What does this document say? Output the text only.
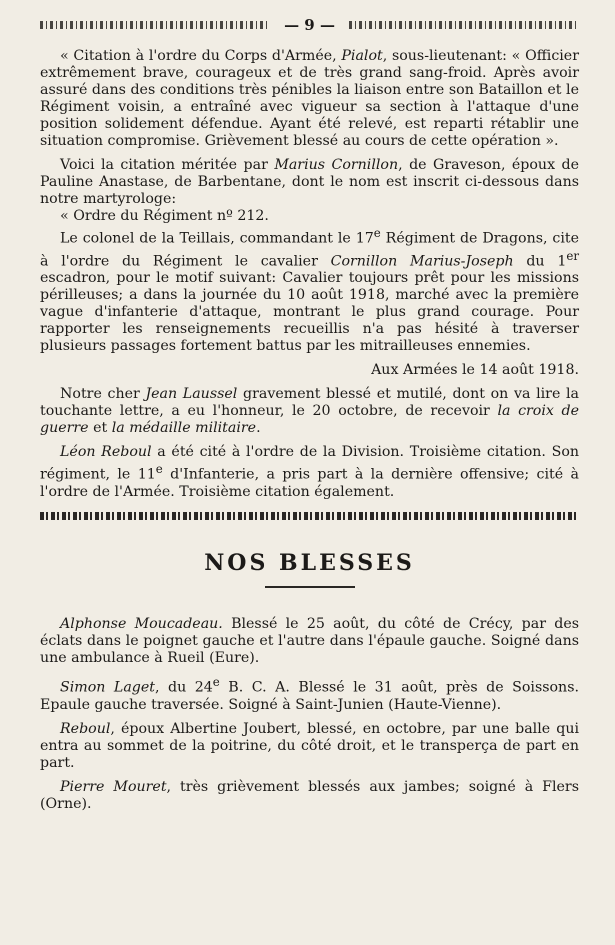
— 9 —

« Citation à l'ordre du Corps d'Armée, Pialot, sous-lieutenant: « Officier extrêmement brave, courageux et de très grand sang-froid. Après avoir assuré dans des conditions très pénibles la liaison entre son Bataillon et le Régiment voisin, a entraîné avec vigueur sa section à l'attaque d'une position solidement défendue. Ayant été relevé, est reparti rétablir une situation compromise. Grièvement blessé au cours de cette opération ».

Voici la citation méritée par Marius Cornillon, de Graveson, époux de Pauline Anastase, de Barbentane, dont le nom est inscrit ci-dessous dans notre martyrologe:

« Ordre du Régiment nº 212.

Le colonel de la Teillais, commandant le 17e Régiment de Dragons, cite à l'ordre du Régiment le cavalier Cornillon Marius-Joseph du 1er escadron, pour le motif suivant: Cavalier toujours prêt pour les missions périlleuses; a dans la journée du 10 août 1918, marché avec la première vague d'infanterie d'attaque, montrant le plus grand courage. Pour rapporter les renseignements recueillis n'a pas hésité à traverser plusieurs passages fortement battus par les mitrailleuses ennemies.

Aux Armées le 14 août 1918.

Notre cher Jean Laussel gravement blessé et mutilé, dont on va lire la touchante lettre, a eu l'honneur, le 20 octobre, de recevoir la croix de guerre et la médaille militaire.

Léon Reboul a été cité à l'ordre de la Division. Troisième citation. Son régiment, le 11e d'Infanterie, a pris part à la dernière offensive; cité à l'ordre de l'Armée. Troisième citation également.

NOS BLESSES

Alphonse Moucadeau. Blessé le 25 août, du côté de Crécy, par des éclats dans le poignet gauche et l'autre dans l'épaule gauche. Soigné dans une ambulance à Rueil (Eure).

Simon Laget, du 24e B. C. A. Blessé le 31 août, près de Soissons. Epaule gauche traversée. Soigné à Saint-Junien (Haute-Vienne).

Reboul, époux Albertine Joubert, blessé, en octobre, par une balle qui entra au sommet de la poitrine, du côté droit, et le transperça de part en part.

Pierre Mouret, très grièvement blessés aux jambes; soigné à Flers (Orne).
